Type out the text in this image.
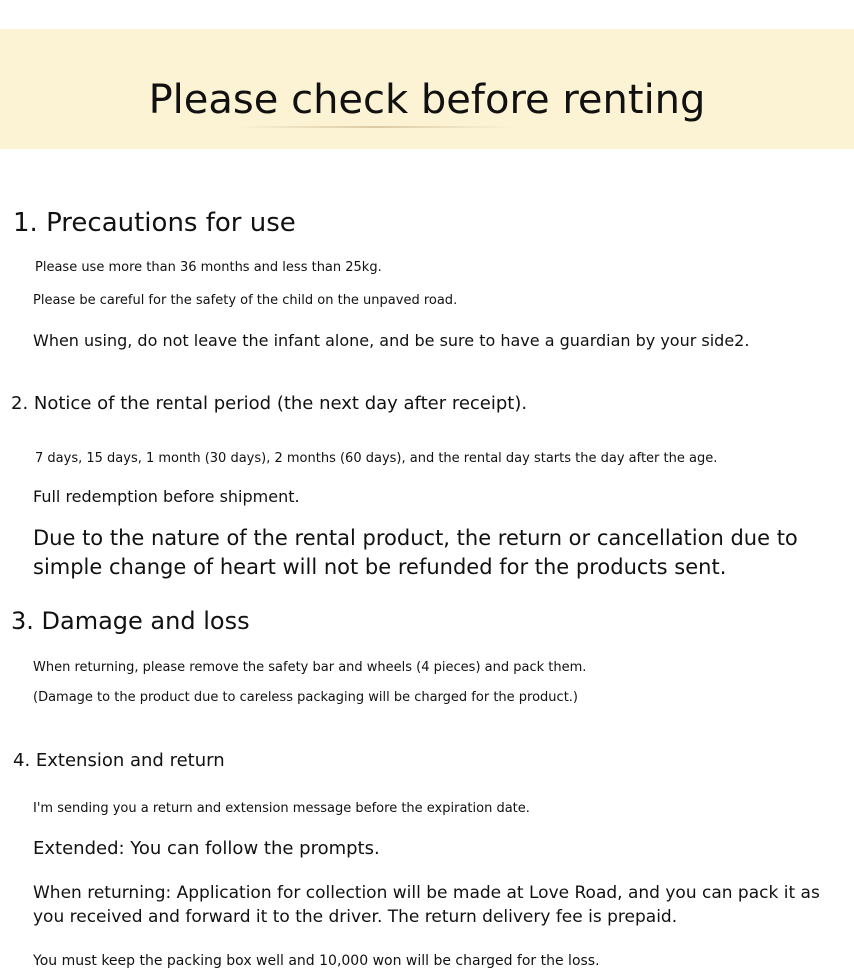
Please check before renting
1. Precautions for use
Please use more than 36 months and less than 25kg.
Please be careful for the safety of the child on the unpaved road.
When using, do not leave the infant alone, and be sure to have a guardian by your side2.
2. Notice of the rental period (the next day after receipt).
7 days, 15 days, 1 month (30 days), 2 months (60 days), and the rental day starts the day after the age.
Full redemption before shipment.
Due to the nature of the rental product, the return or cancellation due to simple change of heart will not be refunded for the products sent.
3. Damage and loss
When returning, please remove the safety bar and wheels (4 pieces) and pack them.
(Damage to the product due to careless packaging will be charged for the product.)
4. Extension and return
I'm sending you a return and extension message before the expiration date.
Extended: You can follow the prompts.
When returning: Application for collection will be made at Love Road, and you can pack it as you received and forward it to the driver. The return delivery fee is prepaid.
You must keep the packing box well and 10,000 won will be charged for the loss.
